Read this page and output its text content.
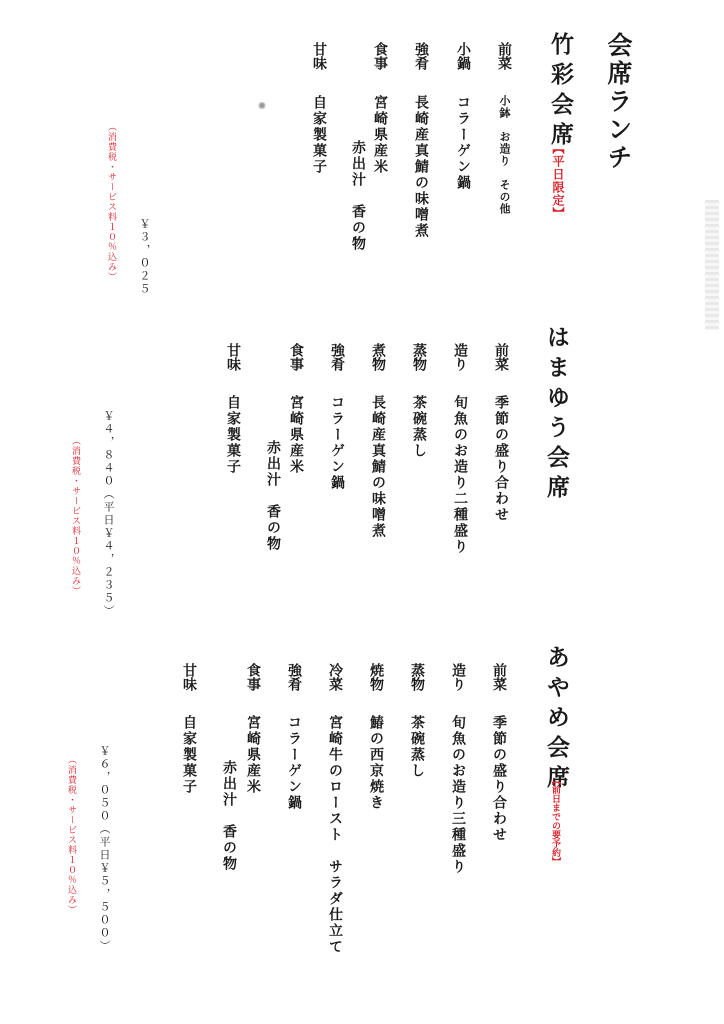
会席ランチ
竹彩会席
【平日限定】
前菜
小鉢　お造り　その他
小鍋
コラーゲン鍋
強肴
長崎産真鯖の味噌煮
食事
宮崎県産米
赤出汁　香の物
甘味
自家製菓子
￥３，０２５
（消費税・サービス料１０％込み）
はまゆう会席
前菜
季節の盛り合わせ
造り
旬魚のお造り二種盛り
蒸物
茶碗蒸し
煮物
長崎産真鯖の味噌煮
強肴
コラーゲン鍋
食事
宮崎県産米
赤出汁　香の物
甘味
自家製菓子
￥４，８４０（平日￥４，２３５）
（消費税・サービス料１０％込み）
あやめ会席
【前日までの要予約】
前菜
季節の盛り合わせ
造り
旬魚のお造り三種盛り
蒸物
茶碗蒸し
焼物
鰆の西京焼き
冷菜
宮崎牛のロースト　サラダ仕立て
強肴
コラーゲン鍋
食事
宮崎県産米
赤出汁　香の物
甘味
自家製菓子
￥６，０５０（平日￥５，５００）
（消費税・サービス料１０％込み）
